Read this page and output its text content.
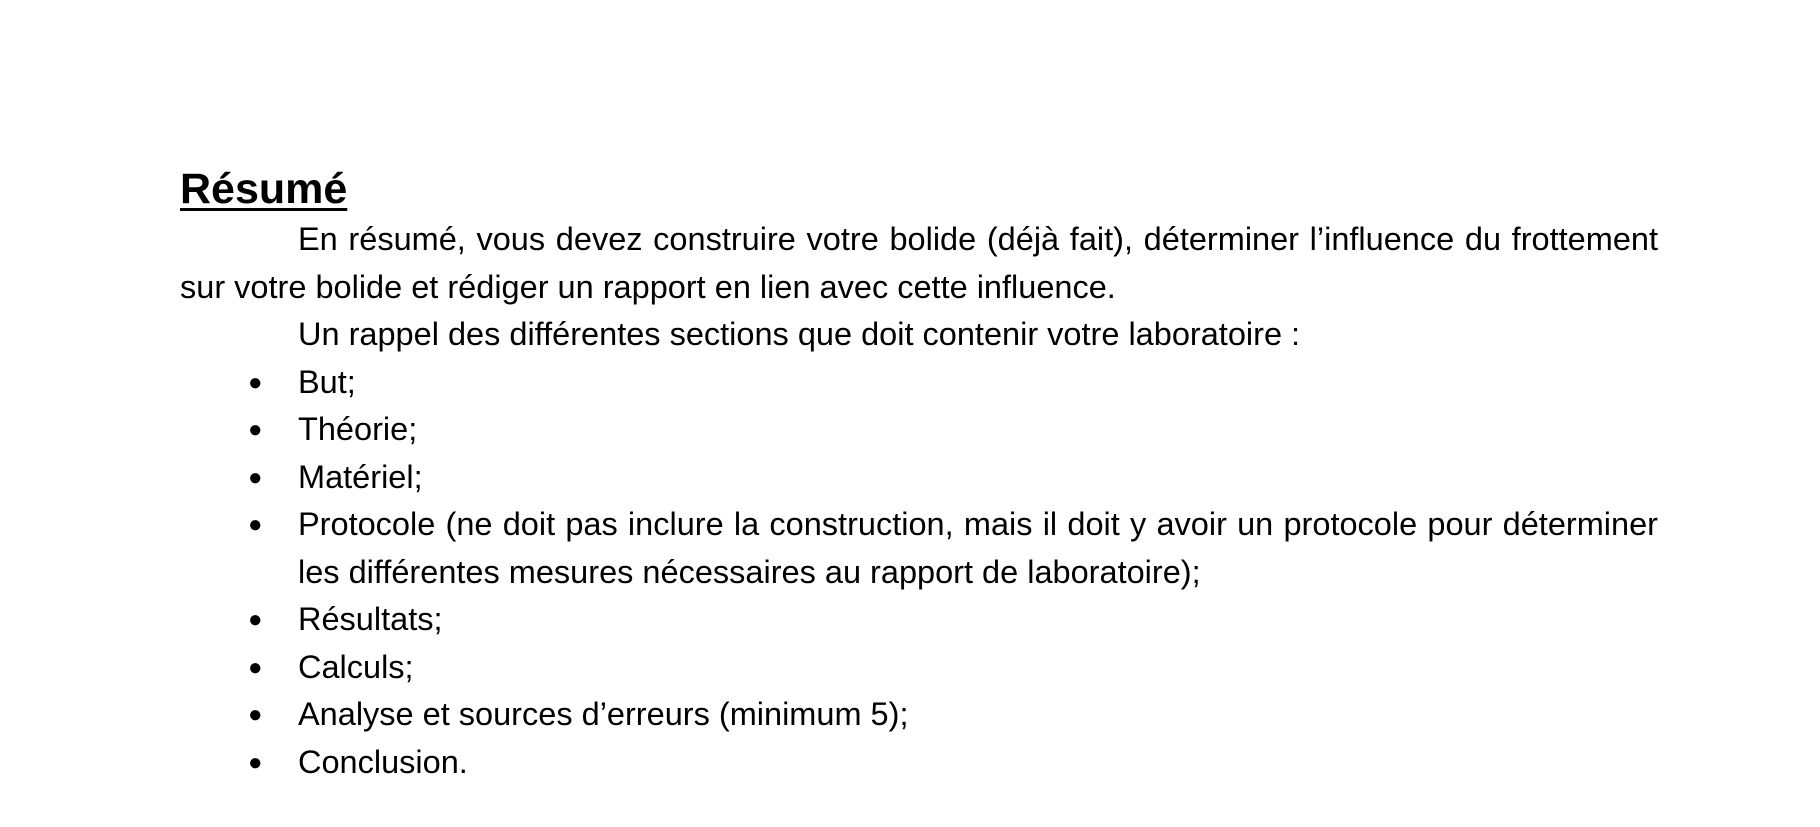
Résumé

En résumé, vous devez construire votre bolide (déjà fait), déterminer l’influence du frottement sur votre bolide et rédiger un rapport en lien avec cette influence.

Un rappel des différentes sections que doit contenir votre laboratoire :

● But;
● Théorie;
● Matériel;
● Protocole (ne doit pas inclure la construction, mais il doit y avoir un protocole pour déterminer les différentes mesures nécessaires au rapport de laboratoire);
● Résultats;
● Calculs;
● Analyse et sources d’erreurs (minimum 5);
● Conclusion.
